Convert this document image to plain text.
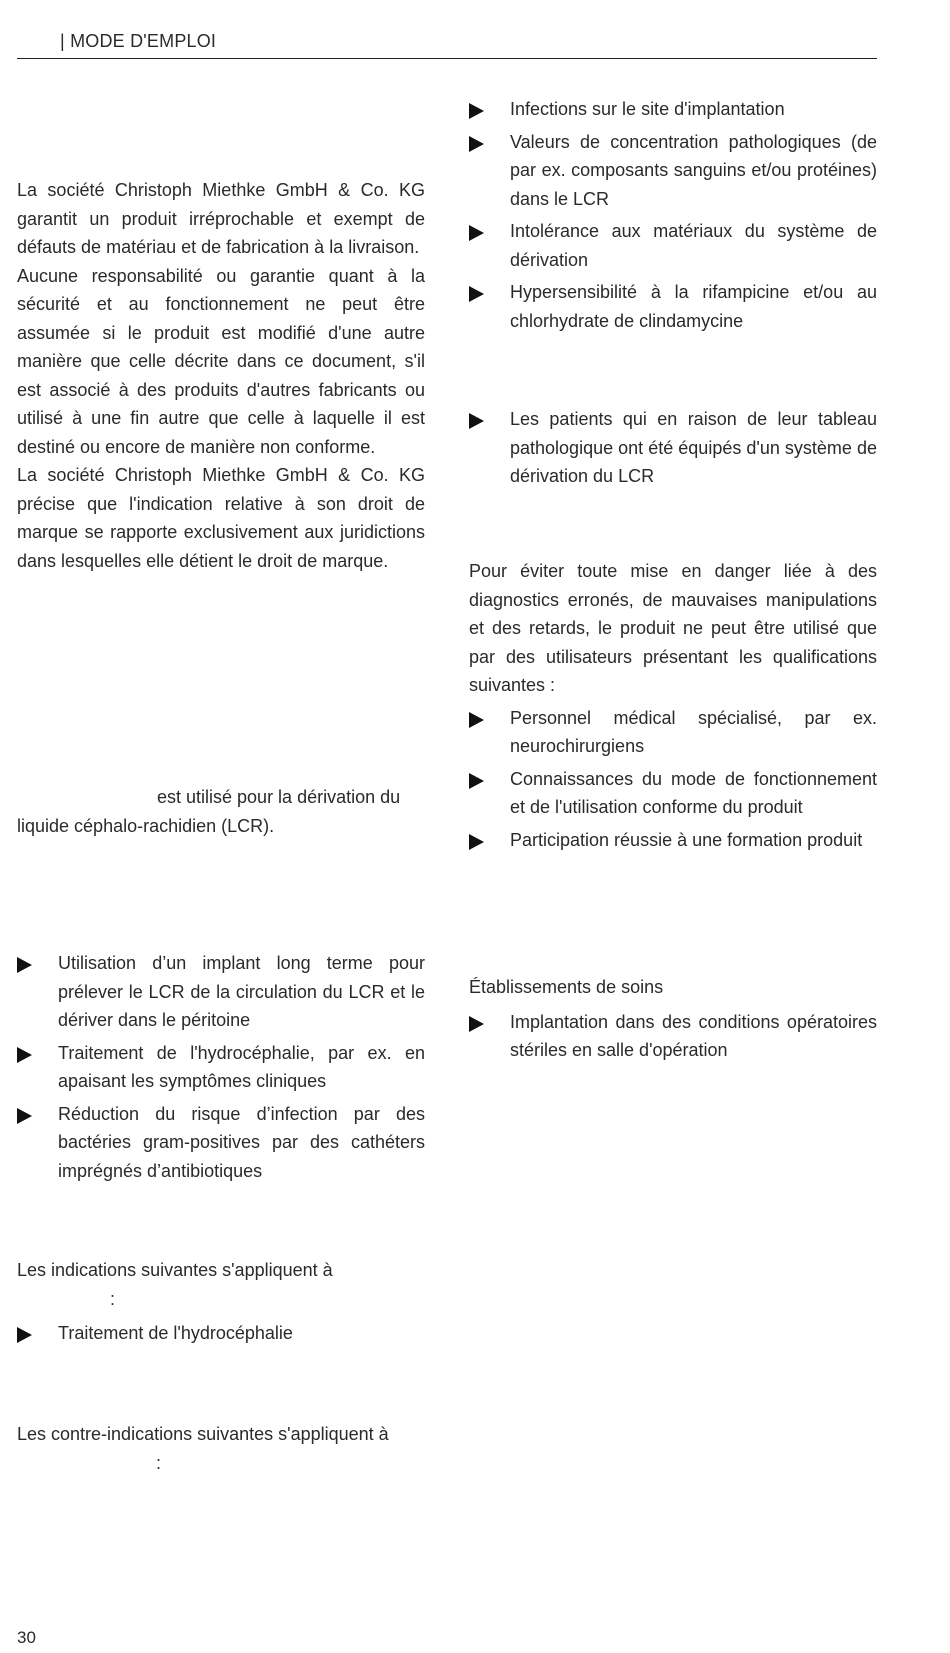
| MODE D'EMPLOI

La société Christoph Miethke GmbH & Co. KG garantit un produit irréprochable et exempt de défauts de matériau et de fabrication à la livraison.

Aucune responsabilité ou garantie quant à la sécurité et au fonctionnement ne peut être assumée si le produit est modifié d'une autre manière que celle décrite dans ce document, s'il est associé à des produits d'autres fabricants ou utilisé à une fin autre que celle à laquelle il est destiné ou encore de manière non conforme.

La société Christoph Miethke GmbH & Co. KG précise que l'indication relative à son droit de marque se rapporte exclusivement aux juridictions dans lesquelles elle détient le droit de marque.

est utilisé pour la dérivation du
liquide céphalo-rachidien (LCR).
Utilisation d’un implant long terme pour prélever le LCR de la circulation du LCR et le dériver dans le péritoine
Traitement de l'hydrocéphalie, par ex. en apaisant les symptômes cliniques
Réduction du risque d’infection par des bactéries gram-positives par des cathéters imprégnés d’antibiotiques
Les indications suivantes s'appliquent à
:
Traitement de l'hydrocéphalie
Les contre-indications suivantes s'appliquent à
:
Infections sur le site d'implantation
Valeurs de concentration pathologiques (de par ex. composants sanguins et/ou protéines) dans le LCR
Intolérance aux matériaux du système de dérivation
Hypersensibilité à la rifampicine et/ou au chlorhydrate de clindamycine
Les patients qui en raison de leur tableau pathologique ont été équipés d'un système de dérivation du LCR

Pour éviter toute mise en danger liée à des diagnostics erronés, de mauvaises manipulations et des retards, le produit ne peut être utilisé que par des utilisateurs présentant les qualifications suivantes :

Personnel médical spécialisé, par ex. neurochirurgiens
Connaissances du mode de fonctionnement et de l'utilisation conforme du produit
Participation réussie à une formation produit

Établissements de soins

Implantation dans des conditions opératoires stériles en salle d'opération
30
